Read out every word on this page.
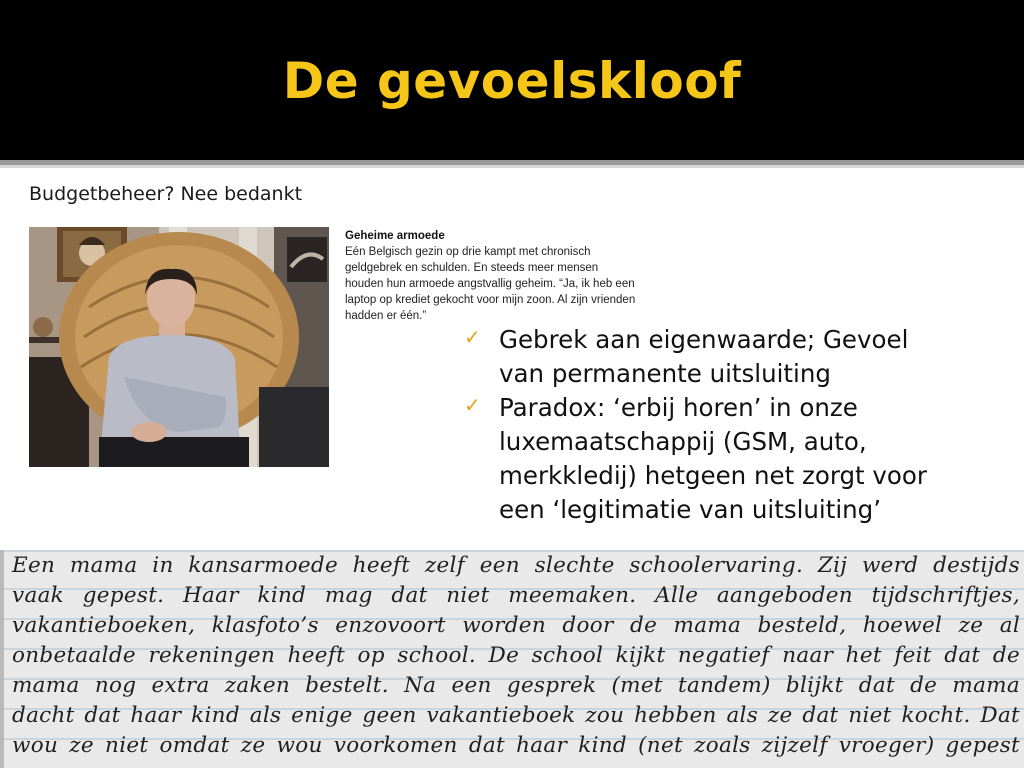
De gevoelskloof
Budgetbeheer? Nee bedankt
Geheime armoede
Eén Belgisch gezin op drie kampt met chronisch
geldgebrek en schulden. En steeds meer mensen
houden hun armoede angstvallig geheim. “Ja, ik heb een
laptop op krediet gekocht voor mijn zoon. Al zijn vrienden
hadden er één.”
✓ Gebrek aan eigenwaarde; Gevoel
van permanente uitsluiting
✓ Paradox: ‘erbij horen’ in onze
luxemaatschappij (GSM, auto,
merkkledij) hetgeen net zorgt voor
een ‘legitimatie van uitsluiting’
Een mama in kansarmoede heeft zelf een slechte schoolervaring. Zij werd destijds
vaak gepest. Haar kind mag dat niet meemaken. Alle aangeboden tijdschriftjes,
vakantieboeken, klasfoto’s enzovoort worden door de mama besteld, hoewel ze al
onbetaalde rekeningen heeft op school. De school kijkt negatief naar het feit dat de
mama nog extra zaken bestelt. Na een gesprek (met tandem) blijkt dat de mama
dacht dat haar kind als enige geen vakantieboek zou hebben als ze dat niet kocht. Dat
wou ze niet omdat ze wou voorkomen dat haar kind (net zoals zijzelf vroeger) gepest
